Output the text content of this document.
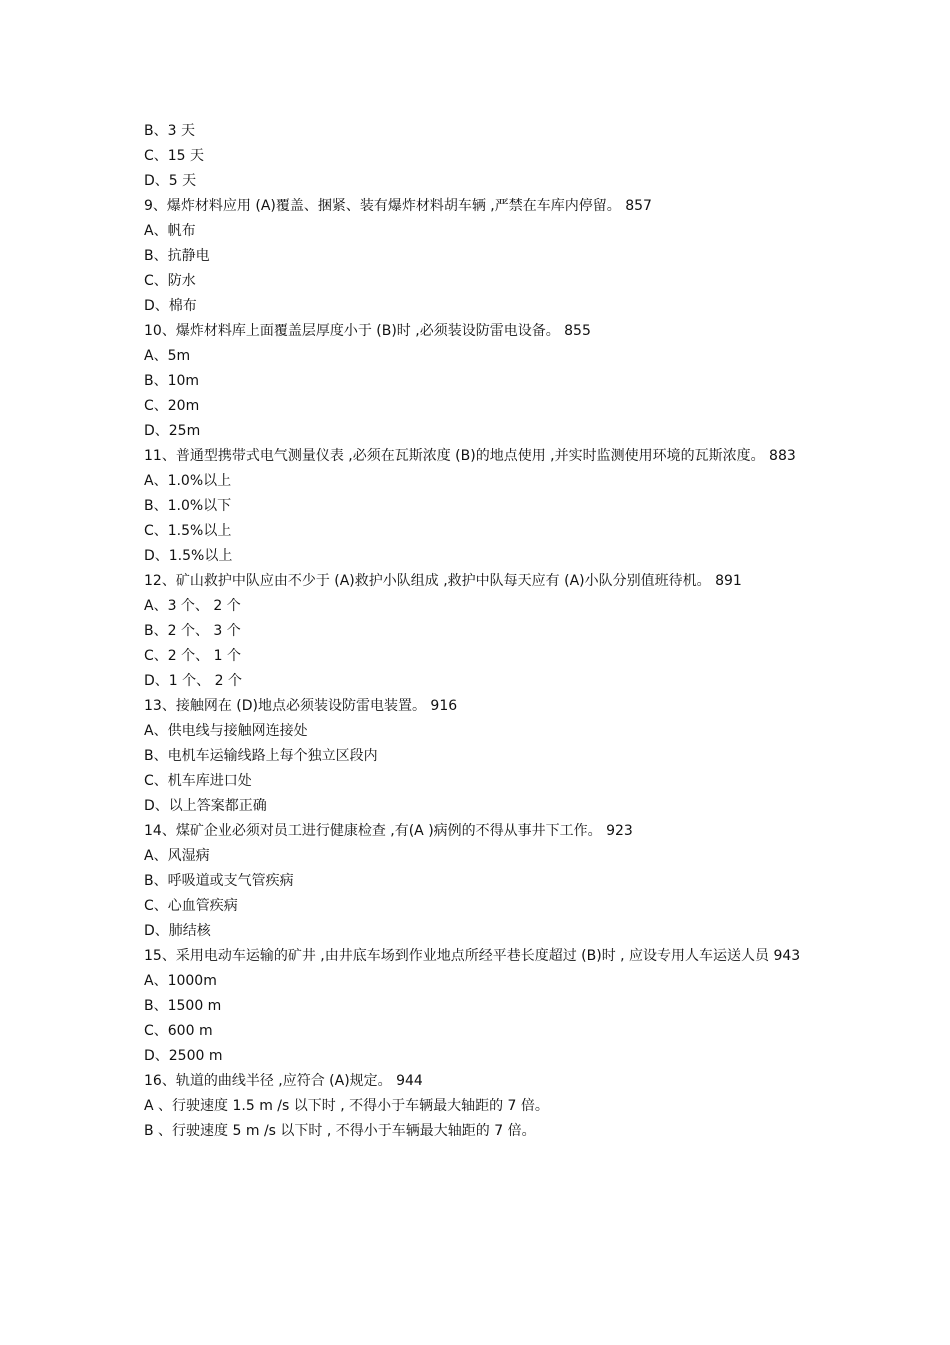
B、3 天
C、15 天
D、5 天
9、爆炸材料应用 (A)覆盖、捆紧、装有爆炸材料胡车辆 ,严禁在车库内停留。 857
A、帆布
B、抗静电
C、防水
D、棉布
10、爆炸材料库上面覆盖层厚度小于 (B)时 ,必须装设防雷电设备。 855
A、5m
B、10m
C、20m
D、25m
11、普通型携带式电气测量仪表 ,必须在瓦斯浓度 (B)的地点使用 ,并实时监测使用环境的瓦斯浓度。 883
A、1.0%以上
B、1.0%以下
C、1.5%以上
D、1.5%以上
12、矿山救护中队应由不少于 (A)救护小队组成 ,救护中队每天应有 (A)小队分别值班待机。 891
A、3 个、 2 个
B、2 个、 3 个
C、2 个、 1 个
D、1 个、 2 个
13、接触网在 (D)地点必须装设防雷电装置。 916
A、供电线与接触网连接处
B、电机车运输线路上每个独立区段内
C、机车库进口处
D、以上答案都正确
14、煤矿企业必须对员工进行健康检查 ,有(A )病例的不得从事井下工作。 923
A、风湿病
B、呼吸道或支气管疾病
C、心血管疾病
D、肺结核
15、采用电动车运输的矿井 ,由井底车场到作业地点所经平巷长度超过 (B)时 , 应设专用人车运送人员 943
A、1000m
B、1500 m
C、600 m
D、2500 m
16、轨道的曲线半径 ,应符合 (A)规定。 944
A 、行驶速度 1.5 m /s 以下时 , 不得小于车辆最大轴距的 7 倍。
B 、行驶速度 5 m /s 以下时 , 不得小于车辆最大轴距的 7 倍。
